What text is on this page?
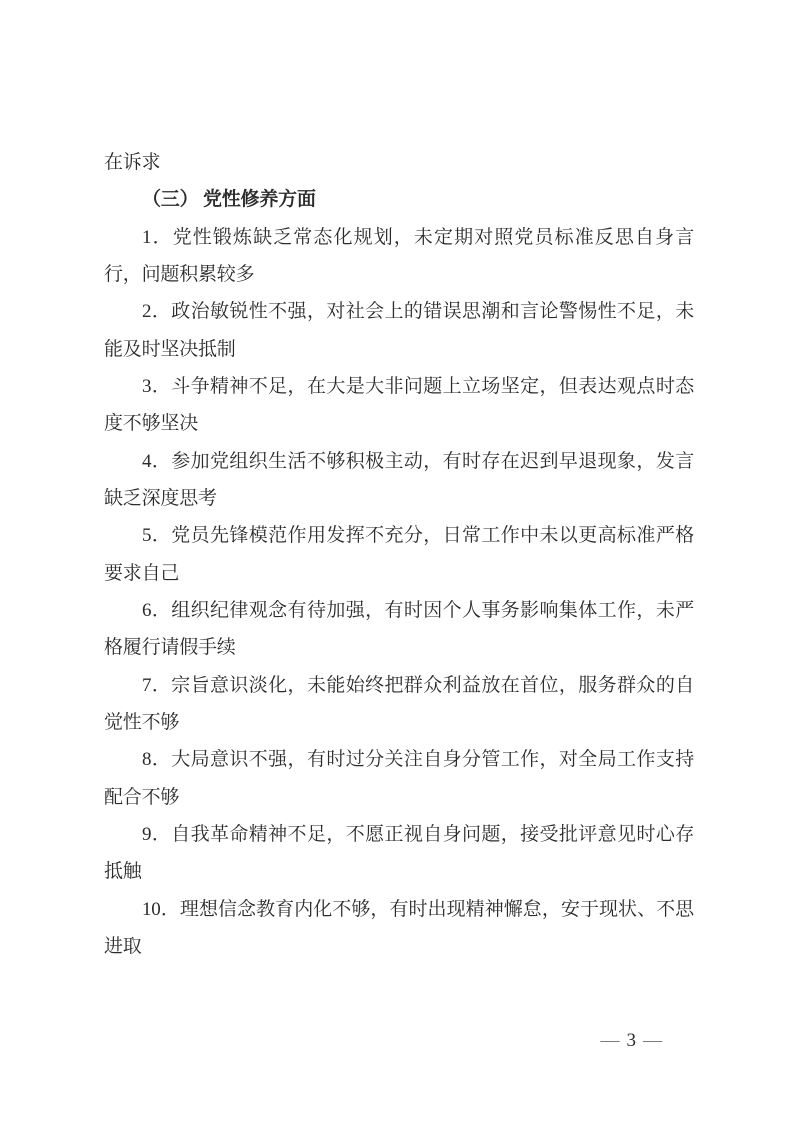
在诉求

（三） 党性修养方面

1．党性锻炼缺乏常态化规划，未定期对照党员标准反思自身言行，问题积累较多

2．政治敏锐性不强，对社会上的错误思潮和言论警惕性不足，未能及时坚决抵制

3．斗争精神不足，在大是大非问题上立场坚定，但表达观点时态度不够坚决

4．参加党组织生活不够积极主动，有时存在迟到早退现象，发言缺乏深度思考

5．党员先锋模范作用发挥不充分，日常工作中未以更高标准严格要求自己

6．组织纪律观念有待加强，有时因个人事务影响集体工作，未严格履行请假手续

7．宗旨意识淡化，未能始终把群众利益放在首位，服务群众的自觉性不够

8．大局意识不强，有时过分关注自身分管工作，对全局工作支持配合不够

9．自我革命精神不足，不愿正视自身问题，接受批评意见时心存抵触

10．理想信念教育内化不够，有时出现精神懈怠，安于现状、不思进取

— 3 —
